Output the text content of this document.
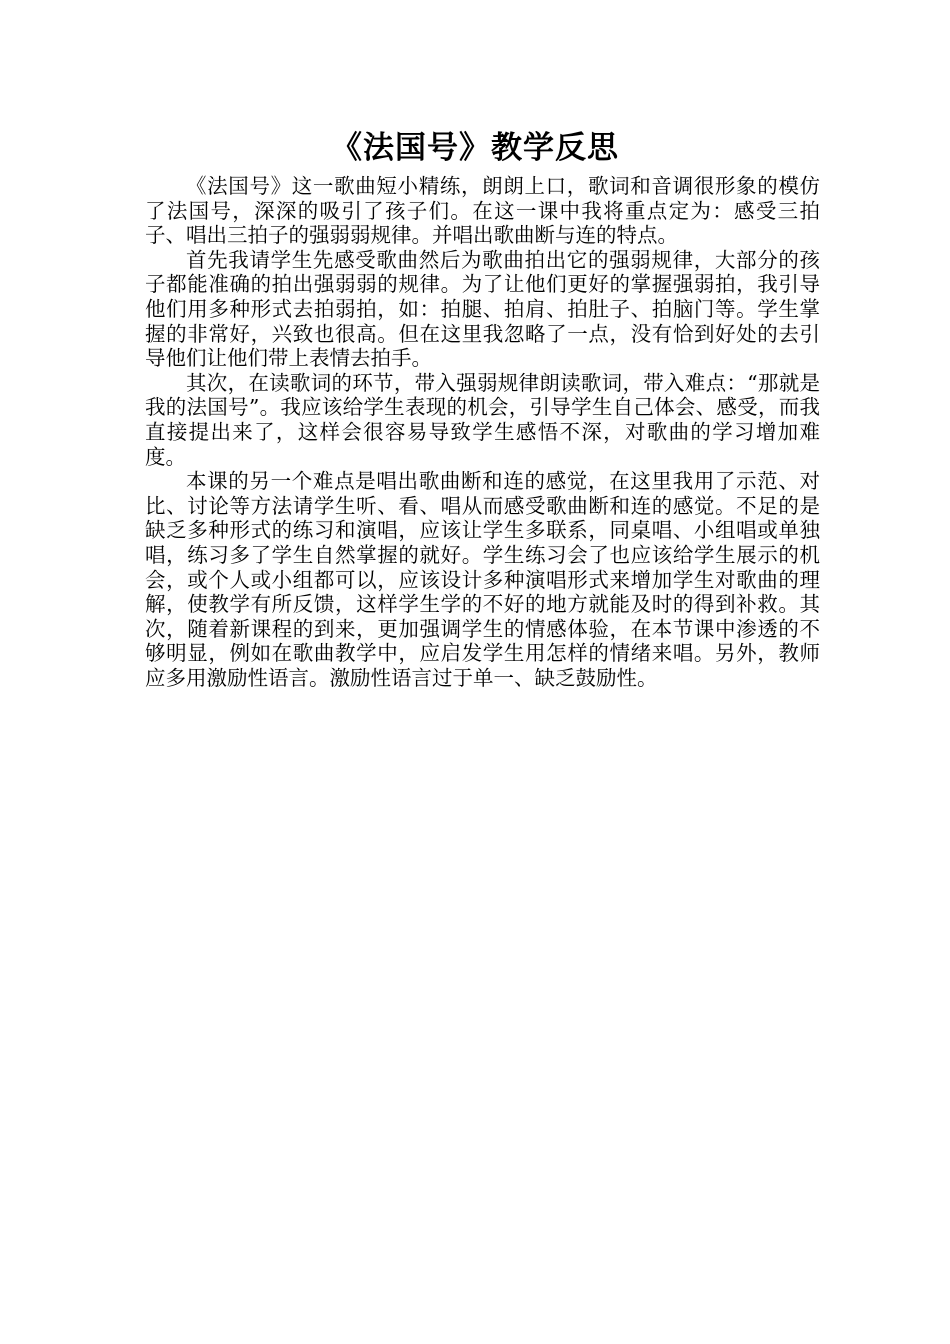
《法国号》教学反思

《法国号》这一歌曲短小精练，朗朗上口，歌词和音调很形象的模仿了法国号，深深的吸引了孩子们。在这一课中我将重点定为：感受三拍子、唱出三拍子的强弱弱规律。并唱出歌曲断与连的特点。

首先我请学生先感受歌曲然后为歌曲拍出它的强弱规律，大部分的孩子都能准确的拍出强弱弱的规律。为了让他们更好的掌握强弱拍，我引导他们用多种形式去拍弱拍，如：拍腿、拍肩、拍肚子、拍脑门等。学生掌握的非常好，兴致也很高。但在这里我忽略了一点，没有恰到好处的去引导他们让他们带上表情去拍手。

其次，在读歌词的环节，带入强弱规律朗读歌词，带入难点：“那就是我的法国号”。我应该给学生表现的机会，引导学生自己体会、感受，而我直接提出来了，这样会很容易导致学生感悟不深，对歌曲的学习增加难度。

本课的另一个难点是唱出歌曲断和连的感觉，在这里我用了示范、对比、讨论等方法请学生听、看、唱从而感受歌曲断和连的感觉。不足的是缺乏多种形式的练习和演唱，应该让学生多联系，同桌唱、小组唱或单独唱，练习多了学生自然掌握的就好。学生练习会了也应该给学生展示的机会，或个人或小组都可以，应该设计多种演唱形式来增加学生对歌曲的理解，使教学有所反馈，这样学生学的不好的地方就能及时的得到补救。其次，随着新课程的到来，更加强调学生的情感体验，在本节课中渗透的不够明显，例如在歌曲教学中，应启发学生用怎样的情绪来唱。另外，教师应多用激励性语言。激励性语言过于单一、缺乏鼓励性。
